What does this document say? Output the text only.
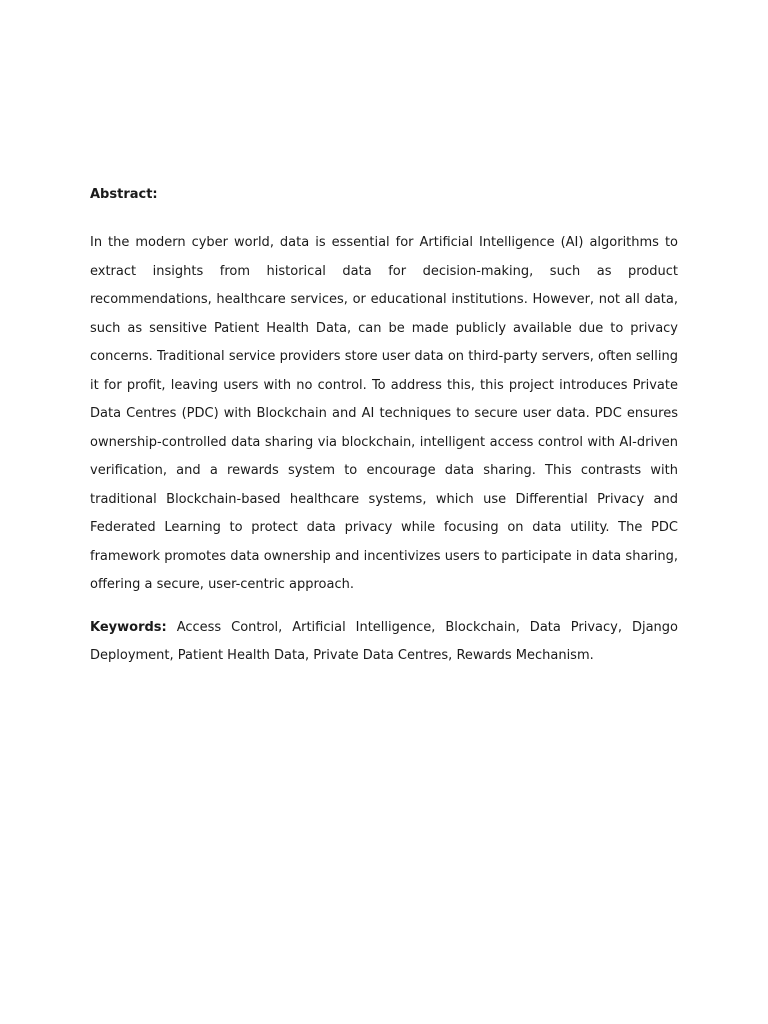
Abstract:

In the modern cyber world, data is essential for Artificial Intelligence (AI) algorithms to extract insights from historical data for decision-making, such as product recommendations, healthcare services, or educational institutions. However, not all data, such as sensitive Patient Health Data, can be made publicly available due to privacy concerns. Traditional service providers store user data on third-party servers, often selling it for profit, leaving users with no control. To address this, this project introduces Private Data Centres (PDC) with Blockchain and AI techniques to secure user data. PDC ensures ownership-controlled data sharing via blockchain, intelligent access control with AI-driven verification, and a rewards system to encourage data sharing. This contrasts with traditional Blockchain-based healthcare systems, which use Differential Privacy and Federated Learning to protect data privacy while focusing on data utility. The PDC framework promotes data ownership and incentivizes users to participate in data sharing, offering a secure, user-centric approach.

Keywords: Access Control, Artificial Intelligence, Blockchain, Data Privacy, Django Deployment, Patient Health Data, Private Data Centres, Rewards Mechanism.
